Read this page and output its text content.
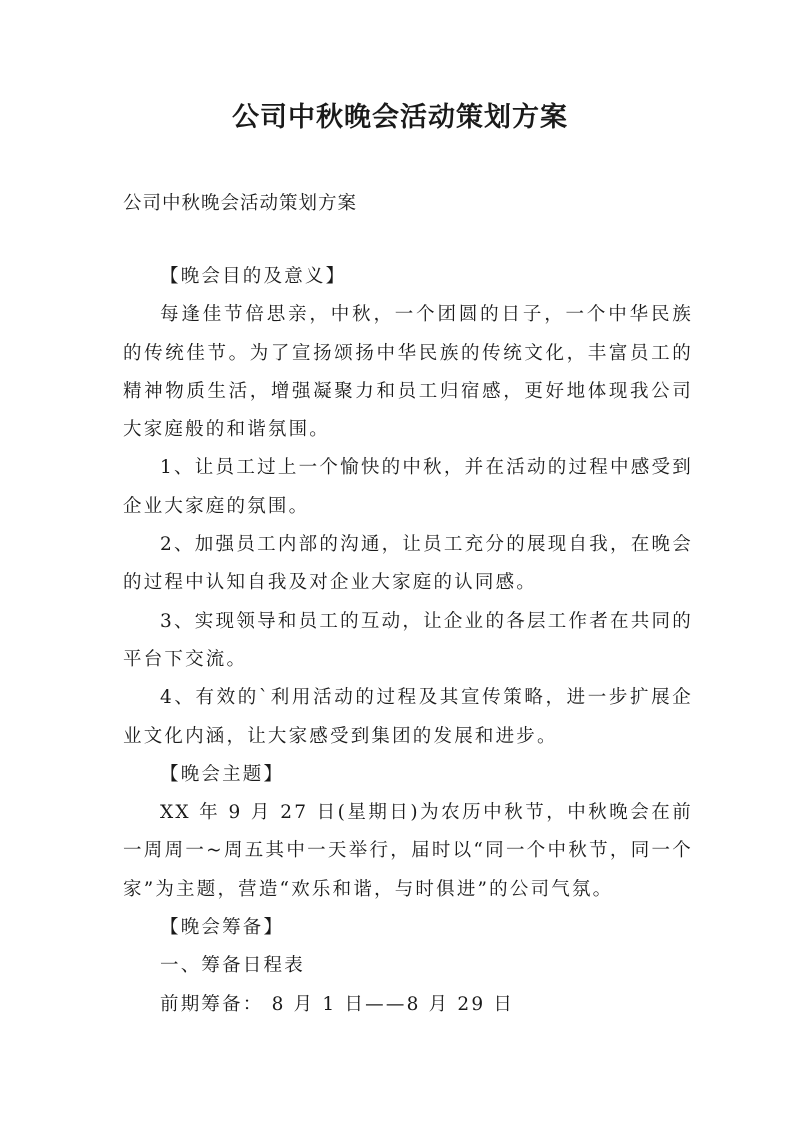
公司中秋晚会活动策划方案
公司中秋晚会活动策划方案

【晚会目的及意义】

每逢佳节倍思亲，中秋，一个团圆的日子，一个中华民族的传统佳节。为了宣扬颂扬中华民族的传统文化，丰富员工的精神物质生活，增强凝聚力和员工归宿感，更好地体现我公司大家庭般的和谐氛围。

1、让员工过上一个愉快的中秋，并在活动的过程中感受到企业大家庭的氛围。

2、加强员工内部的沟通，让员工充分的展现自我，在晚会的过程中认知自我及对企业大家庭的认同感。

3、实现领导和员工的互动，让企业的各层工作者在共同的平台下交流。

4、有效的`利用活动的过程及其宣传策略，进一步扩展企业文化内涵，让大家感受到集团的发展和进步。

【晚会主题】

XX 年 9 月 27 日(星期日)为农历中秋节，中秋晚会在前一周周一~周五其中一天举行，届时以“同一个中秋节，同一个家”为主题，营造“欢乐和谐，与时俱进”的公司气氛。

【晚会筹备】

一、筹备日程表

前期筹备： 8 月 1 日——8 月 29 日
